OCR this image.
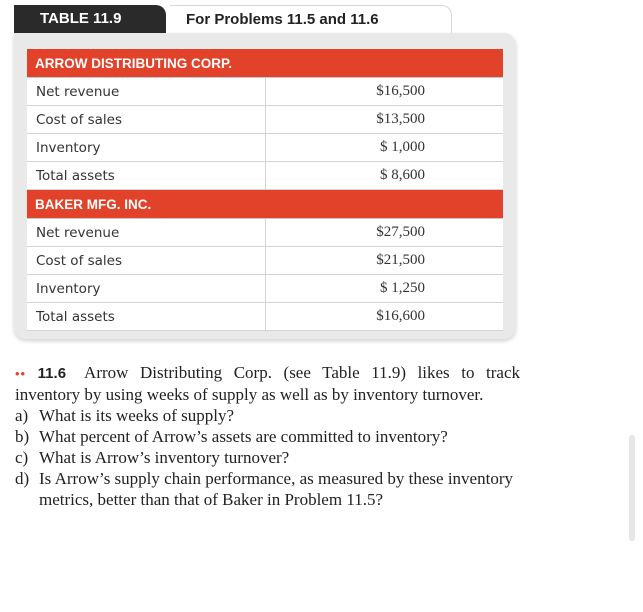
TABLE 11.9	For Problems 11.5 and 11.6
ARROW DISTRIBUTING CORP.	
Net revenue	$16,500
Cost of sales	$13,500
Inventory	$ 1,000
Total assets	$ 8,600
BAKER MFG. INC.	
Net revenue	$27,500
Cost of sales	$21,500
Inventory	$ 1,250
Total assets	$16,600

•• 11.6 Arrow Distributing Corp. (see Table 11.9) likes to track inventory by using weeks of supply as well as by inventory turnover.

a) What is its weeks of supply?
b) What percent of Arrow’s assets are committed to inventory?
c) What is Arrow’s inventory turnover?
d) Is Arrow’s supply chain performance, as measured by these inventory metrics, better than that of Baker in Problem 11.5?
